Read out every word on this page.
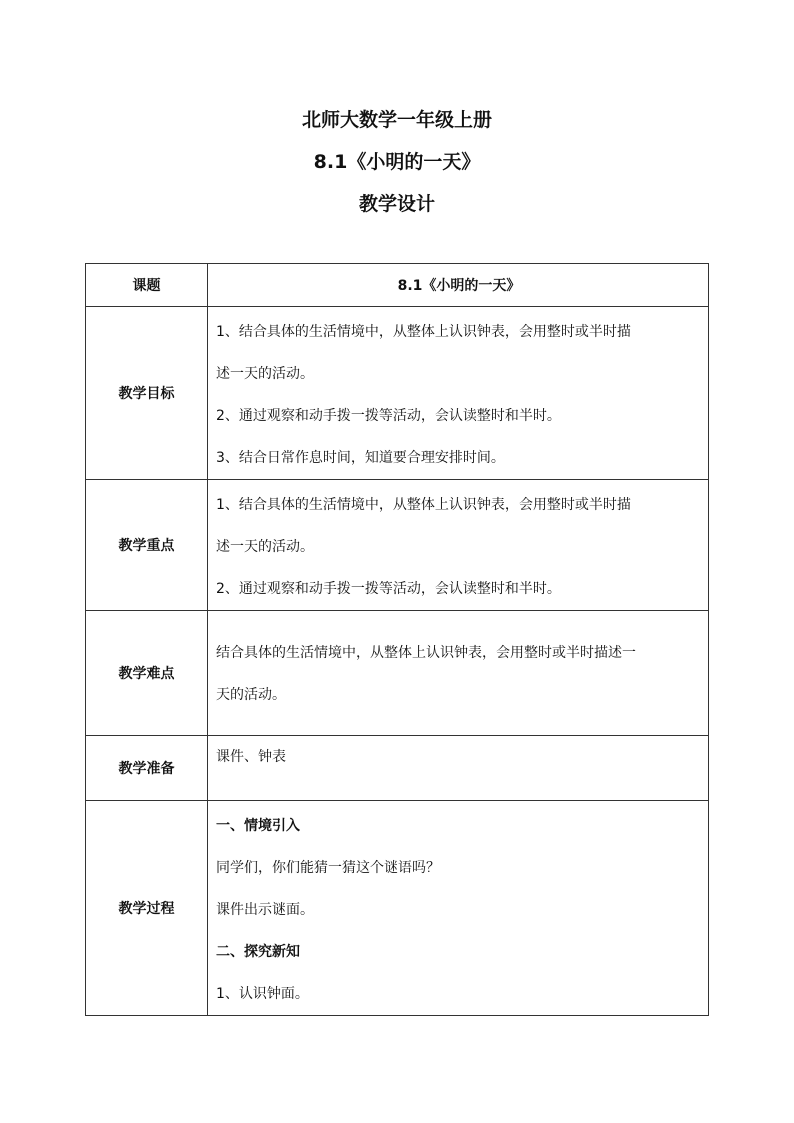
北师大数学一年级上册
8.1《小明的一天》
教学设计
课题	8.1《小明的一天》
教学目标	1、结合具体的生活情境中，从整体上认识钟表，会用整时或半时描
述一天的活动。
2、通过观察和动手拨一拨等活动，会认读整时和半时。
3、结合日常作息时间，知道要合理安排时间。

教学重点	1、结合具体的生活情境中，从整体上认识钟表，会用整时或半时描
述一天的活动。
2、通过观察和动手拨一拨等活动，会认读整时和半时。

教学难点	结合具体的生活情境中，从整体上认识钟表，会用整时或半时描述一
天的活动。

教学准备	课件、钟表

教学过程	一、情境引入
同学们，你们能猜一猜这个谜语吗？
课件出示谜面。
二、探究新知
1、认识钟面。
